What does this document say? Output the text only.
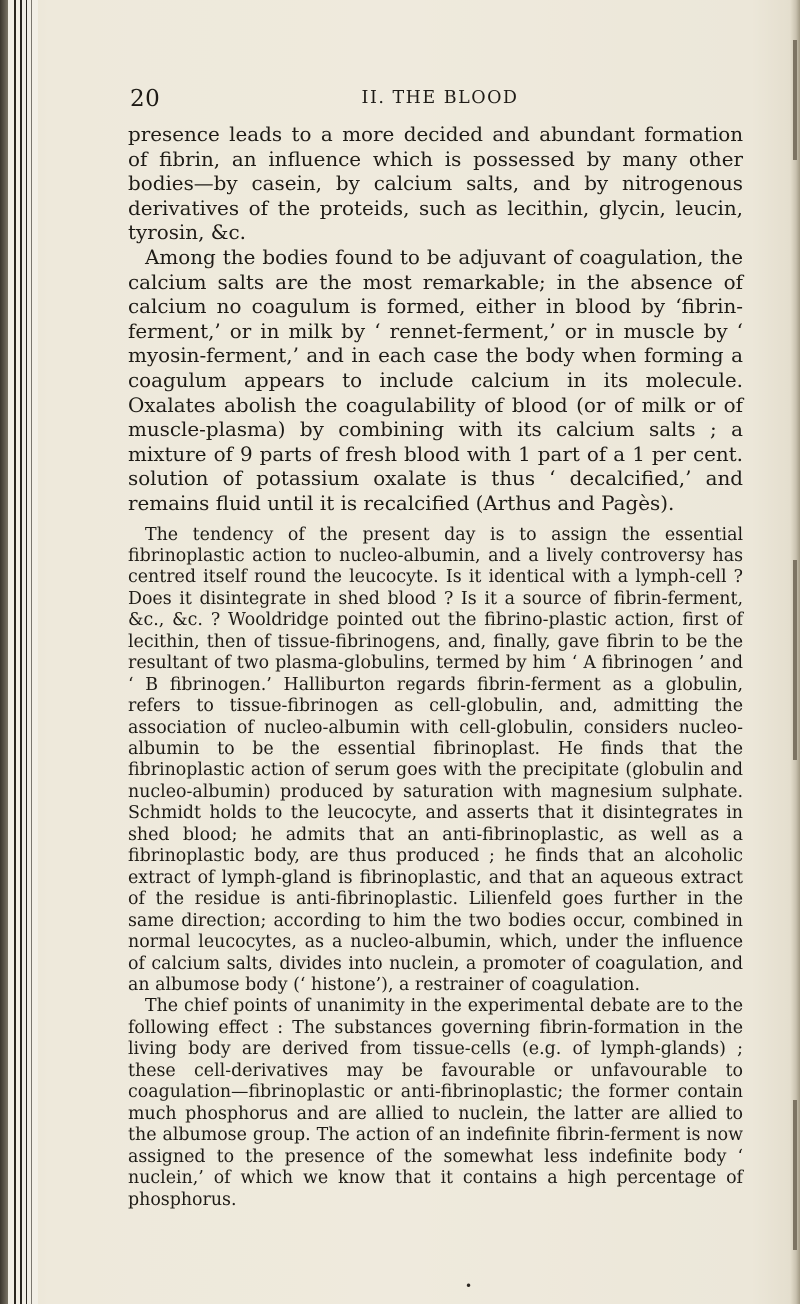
20	II. THE BLOOD

presence leads to a more decided and abundant formation of fibrin, an influence which is possessed by many other bodies—by casein, by calcium salts, and by nitrogenous derivatives of the proteids, such as lecithin, glycin, leucin, tyrosin, &c.

Among the bodies found to be adjuvant of coagulation, the calcium salts are the most remarkable; in the absence of calcium no coagulum is formed, either in blood by ‘fibrin-ferment,’ or in milk by ‘ rennet-ferment,’ or in muscle by ‘ myosin-ferment,’ and in each case the body when forming a coagulum appears to include calcium in its molecule. Oxalates abolish the coagulability of blood (or of milk or of muscle-plasma) by combining with its calcium salts ; a mixture of 9 parts of fresh blood with 1 part of a 1 per cent. solution of potassium oxalate is thus ‘ decalcified,’ and remains fluid until it is recalcified (Arthus and Pagès).

The tendency of the present day is to assign the essential fibrinoplastic action to nucleo-albumin, and a lively controversy has centred itself round the leucocyte. Is it identical with a lymph-cell ? Does it disintegrate in shed blood ? Is it a source of fibrin-ferment, &c., &c. ? Wooldridge pointed out the fibrino-plastic action, first of lecithin, then of tissue-fibrinogens, and, finally, gave fibrin to be the resultant of two plasma-globulins, termed by him ‘ A fibrinogen ’ and ‘ B fibrinogen.’ Halliburton regards fibrin-ferment as a globulin, refers to tissue-fibrinogen as cell-globulin, and, admitting the association of nucleo-albumin with cell-globulin, considers nucleo-albumin to be the essential fibrinoplast. He finds that the fibrinoplastic action of serum goes with the precipitate (globulin and nucleo-albumin) produced by saturation with magnesium sulphate. Schmidt holds to the leucocyte, and asserts that it disintegrates in shed blood; he admits that an anti-fibrinoplastic, as well as a fibrinoplastic body, are thus produced ; he finds that an alcoholic extract of lymph-gland is fibrinoplastic, and that an aqueous extract of the residue is anti-fibrinoplastic. Lilienfeld goes further in the same direction; according to him the two bodies occur, combined in normal leucocytes, as a nucleo-albumin, which, under the influence of calcium salts, divides into nuclein, a promoter of coagulation, and an albumose body (‘ histone’), a restrainer of coagulation.

The chief points of unanimity in the experimental debate are to the following effect : The substances governing fibrin-formation in the living body are derived from tissue-cells (e.g. of lymph-glands) ; these cell-derivatives may be favourable or unfavourable to coagulation—fibrinoplastic or anti-fibrinoplastic; the former contain much phosphorus and are allied to nuclein, the latter are allied to the albumose group. The action of an indefinite fibrin-ferment is now assigned to the presence of the somewhat less indefinite body ‘ nuclein,’ of which we know that it contains a high percentage of phosphorus.

•
